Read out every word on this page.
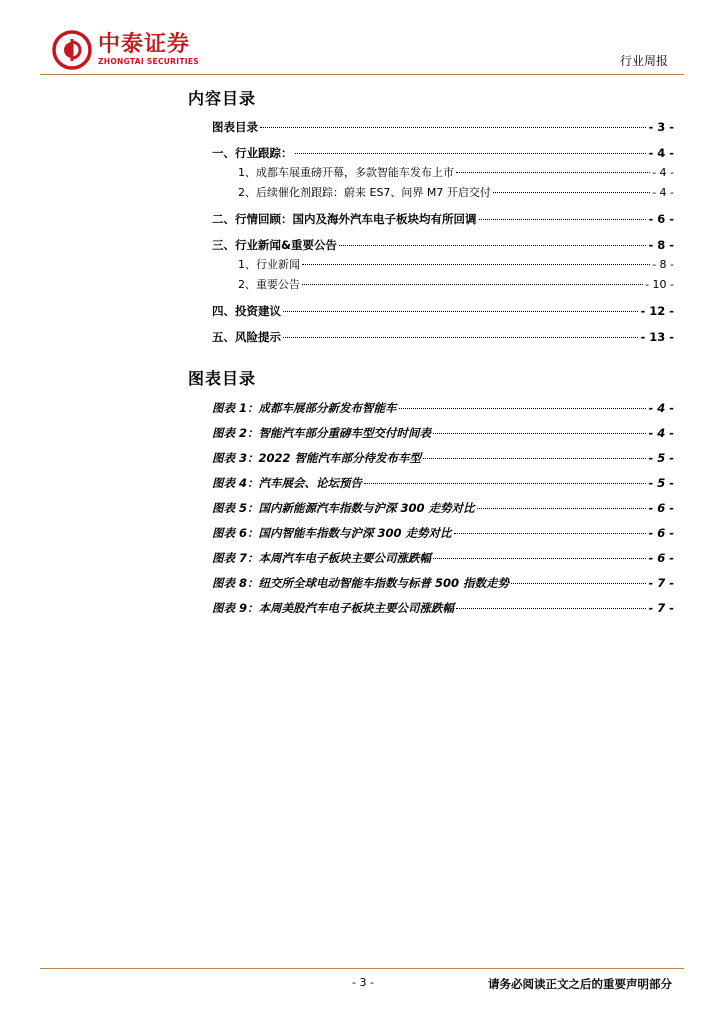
中泰证券
ZHONGTAI SECURITIES	行业周报
内容目录
图表目录	- 3 -
一、行业跟踪：	- 4 -
1、成都车展重磅开幕，多款智能车发布上市	- 4 -
2、后续催化剂跟踪：蔚来 ES7、问界 M7 开启交付	- 4 -
二、行情回顾：国内及海外汽车电子板块均有所回调	- 6 -
三、行业新闻&重要公告	- 8 -
1、行业新闻	- 8 -
2、重要公告	- 10 -
四、投资建议	- 12 -
五、风险提示	- 13 -
图表目录
图表 1：成都车展部分新发布智能车	- 4 -
图表 2：智能汽车部分重磅车型交付时间表	- 4 -
图表 3：2022 智能汽车部分待发布车型	- 5 -
图表 4：汽车展会、论坛预告	- 5 -
图表 5：国内新能源汽车指数与沪深 300 走势对比	- 6 -
图表 6：国内智能车指数与沪深 300 走势对比	- 6 -
图表 7：本周汽车电子板块主要公司涨跌幅	- 6 -
图表 8：纽交所全球电动智能车指数与标普 500 指数走势	- 7 -
图表 9：本周美股汽车电子板块主要公司涨跌幅	- 7 -
- 3 -	请务必阅读正文之后的重要声明部分
